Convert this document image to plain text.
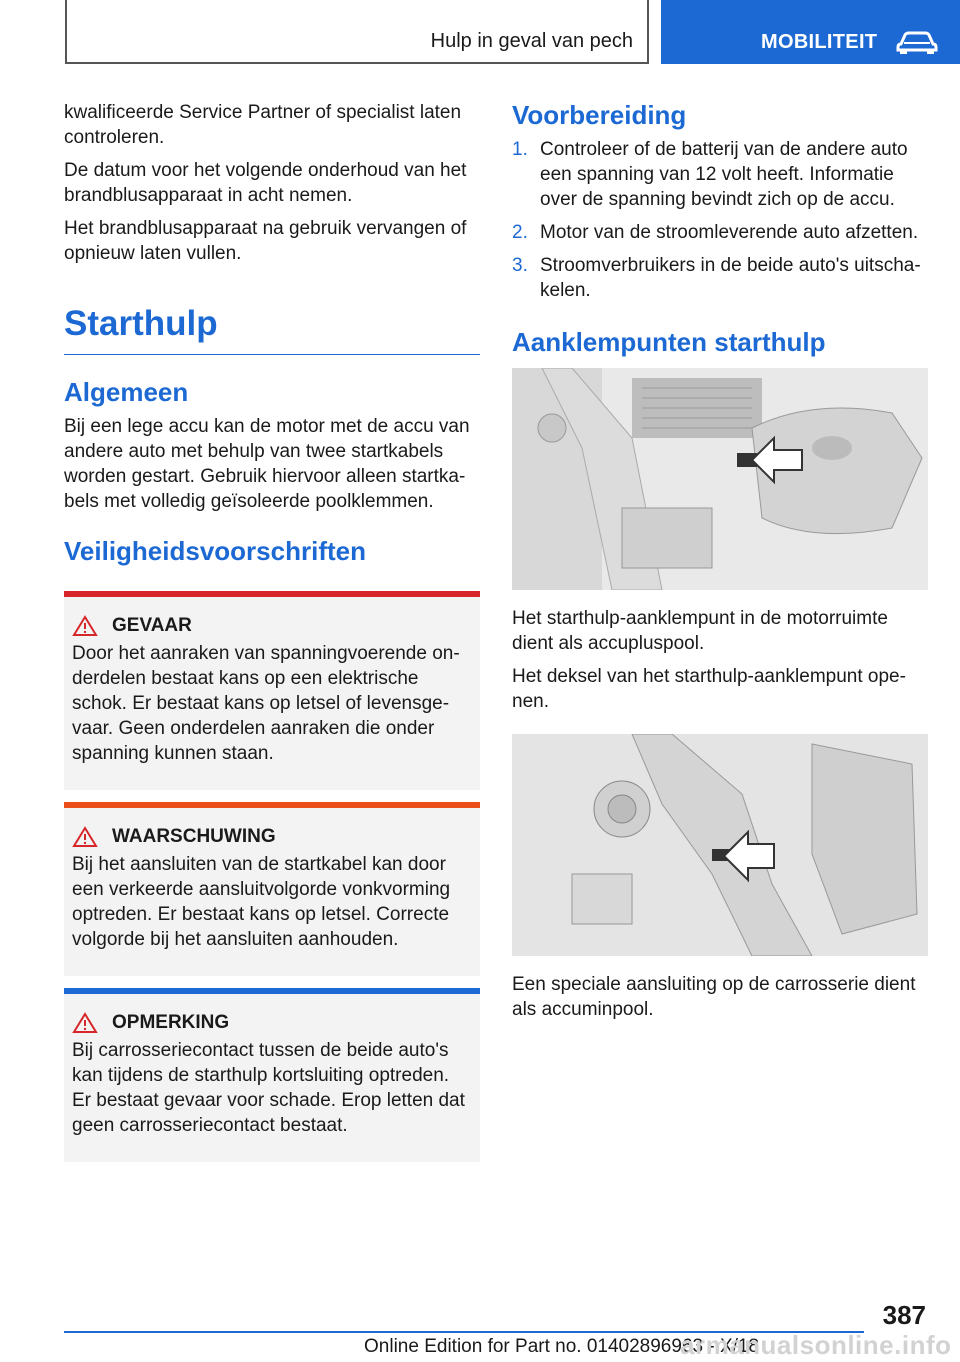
Hulp in geval van pech	MOBILITEIT

kwalificeerde Service Partner of specialist laten controleren.

De datum voor het volgende onderhoud van het brandblusapparaat in acht nemen.

Het brandblusapparaat na gebruik vervangen of opnieuw laten vullen.

Starthulp
Algemeen

Bij een lege accu kan de motor met de accu van andere auto met behulp van twee startkabels worden gestart. Gebruik hiervoor alleen startkabels met volledig geïsoleerde poolklemmen.

Veiligheidsvoorschriften
GEVAAR

Door het aanraken van spanningvoerende onderdelen bestaat kans op een elektrische schok. Er bestaat kans op letsel of levensgevaar. Geen onderdelen aanraken die onder spanning kunnen staan.

WAARSCHUWING

Bij het aansluiten van de startkabel kan door een verkeerde aansluitvolgorde vonkvorming optreden. Er bestaat kans op letsel. Correcte volgorde bij het aansluiten aanhouden.

OPMERKING

Bij carrosseriecontact tussen de beide auto's kan tijdens de starthulp kortsluiting optreden. Er bestaat gevaar voor schade. Erop letten dat geen carrosseriecontact bestaat.

Voorbereiding
1. Controleer of de batterij van de andere auto een spanning van 12 volt heeft. Informatie over de spanning bevindt zich op de accu.
2. Motor van de stroomleverende auto afzetten.
3. Stroomverbruikers in de beide auto's uitschakelen.
Aanklempunten starthulp

Het starthulp-aanklempunt in de motorruimte dient als accupluspool.

Het deksel van het starthulp-aanklempunt openen.

Een speciale aansluiting op de carrosserie dient als accuminpool.

387
Online Edition for Part no. 01402896963 - X/18
armanualsonline.info
